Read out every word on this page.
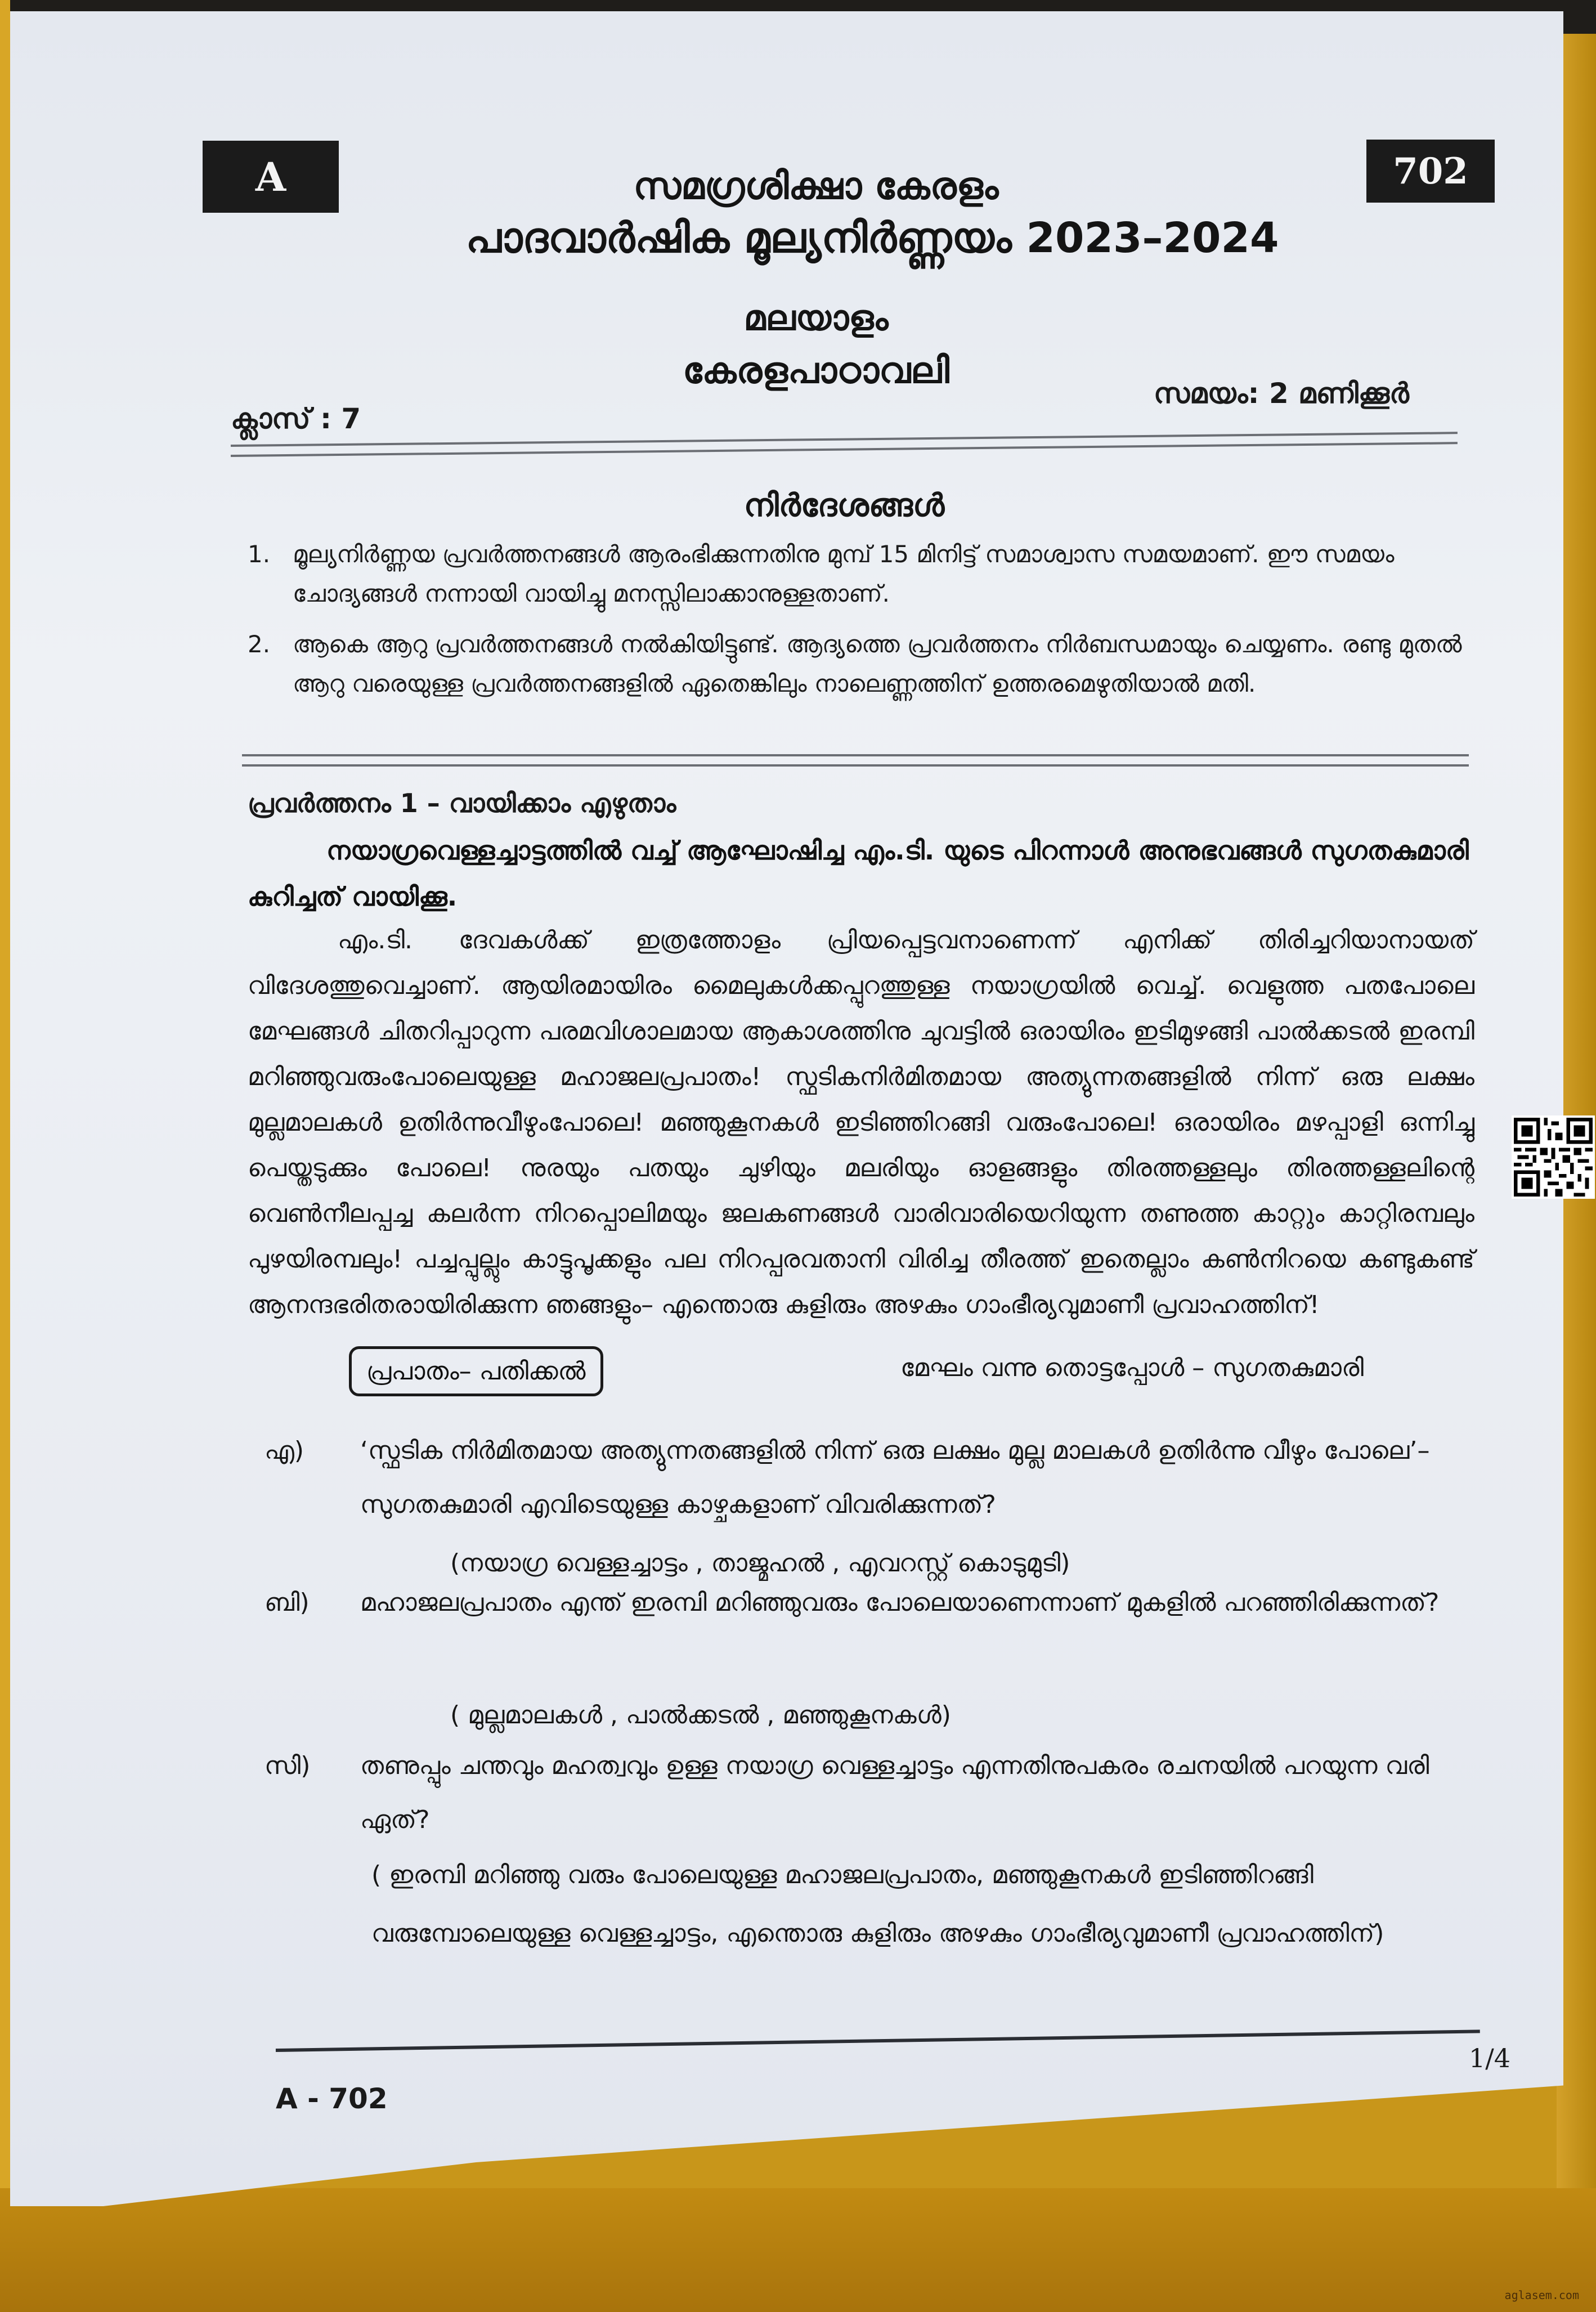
A	702
സമഗ്രശിക്ഷാ കേരളം
പാദവാർഷിക മൂല്യനിർണ്ണയം 2023–2024
മലയാളം
കേരളപാഠാവലി
ക്ലാസ് : 7
സമയം: 2 മണിക്കൂർ
നിർദേശങ്ങൾ
1. മൂല്യനിർണ്ണയ പ്രവർത്തനങ്ങൾ ആരംഭിക്കുന്നതിനു മുമ്പ് 15 മിനിട്ട് സമാശ്വാസ സമയമാണ്. ഈ സമയം ചോദ്യങ്ങൾ നന്നായി വായിച്ചു മനസ്സിലാക്കാനുള്ളതാണ്.
2. ആകെ ആറു പ്രവർത്തനങ്ങൾ നൽകിയിട്ടുണ്ട്. ആദ്യത്തെ പ്രവർത്തനം നിർബന്ധമായും ചെയ്യണം. രണ്ടു മുതൽ ആറു വരെയുള്ള പ്രവർത്തനങ്ങളിൽ ഏതെങ്കിലും നാലെണ്ണത്തിന് ഉത്തരമെഴുതിയാൽ മതി.
പ്രവർത്തനം 1 – വായിക്കാം എഴുതാം
നയാഗ്രവെള്ളച്ചാട്ടത്തിൽ വച്ച് ആഘോഷിച്ച എം.ടി. യുടെ പിറന്നാൾ അനുഭവങ്ങൾ സുഗതകുമാരി കുറിച്ചത് വായിക്കൂ.
എം.ടി. ദേവകൾക്ക് ഇത്രത്തോളം പ്രിയപ്പെട്ടവനാണെന്ന് എനിക്ക് തിരിച്ചറിയാനായത് വിദേശത്തുവെച്ചാണ്. ആയിരമായിരം മൈലുകൾക്കപ്പുറത്തുള്ള നയാഗ്രയിൽ വെച്ച്. വെളുത്ത പതപോലെ മേഘങ്ങൾ ചിതറിപ്പാറുന്ന പരമവിശാലമായ ആകാശത്തിനു ചുവട്ടിൽ ഒരായിരം ഇടിമുഴങ്ങി പാൽക്കടൽ ഇരമ്പി മറിഞ്ഞുവരുംപോലെയുള്ള മഹാജലപ്രപാതം! സ്ഫടികനിർമിതമായ അത്യുന്നതങ്ങളിൽ നിന്ന് ഒരു ലക്ഷം മുല്ലമാലകൾ ഉതിർന്നുവീഴുംപോലെ! മഞ്ഞുകൂനകൾ ഇടിഞ്ഞിറങ്ങി വരുംപോലെ! ഒരായിരം മഴപ്പാളി ഒന്നിച്ചു പെയ്തടുക്കും പോലെ! നുരയും പതയും ചുഴിയും മലരിയും ഓളങ്ങളും തിരത്തള്ളലും തിരത്തള്ളലിന്റെ വെൺനീലപ്പച്ച കലർന്ന നിറപ്പൊലിമയും ജലകണങ്ങൾ വാരിവാരിയെറിയുന്ന തണുത്ത കാറ്റും കാറ്റിരമ്പലും പുഴയിരമ്പലും! പച്ചപ്പുല്ലും കാട്ടുപൂക്കളും പല നിറപ്പരവതാനി വിരിച്ച തീരത്ത് ഇതെല്ലാം കൺനിറയെ കണ്ടുകണ്ട് ആനന്ദഭരിതരായിരിക്കുന്ന ഞങ്ങളും– എന്തൊരു കുളിരും അഴകും ഗാംഭീര്യവുമാണീ പ്രവാഹത്തിന്!
പ്രപാതം– പതിക്കൽ	മേഘം വന്നു തൊട്ടപ്പോൾ – സുഗതകുമാരി
എ) ‘സ്ഫടിക നിർമിതമായ അത്യുന്നതങ്ങളിൽ നിന്ന് ഒരു ലക്ഷം മുല്ല മാലകൾ ഉതിർന്നു വീഴും പോലെ’– സുഗതകുമാരി എവിടെയുള്ള കാഴ്ചകളാണ് വിവരിക്കുന്നത്?
(നയാഗ്ര വെള്ളച്ചാട്ടം , താജ്മഹൽ , എവറസ്റ്റ് കൊടുമുടി)
ബി) മഹാജലപ്രപാതം എന്ത് ഇരമ്പി മറിഞ്ഞുവരും പോലെയാണെന്നാണ് മുകളിൽ പറഞ്ഞിരിക്കുന്നത്?
( മുല്ലമാലകൾ , പാൽക്കടൽ , മഞ്ഞുകൂനകൾ)
സി) തണുപ്പും ചന്തവും മഹത്വവും ഉള്ള നയാഗ്ര വെള്ളച്ചാട്ടം എന്നതിനുപകരം രചനയിൽ പറയുന്ന വരി ഏത്?
( ഇരമ്പി മറിഞ്ഞു വരും പോലെയുള്ള മഹാജലപ്രപാതം, മഞ്ഞുകൂനകൾ ഇടിഞ്ഞിറങ്ങി വരുമ്പോലെയുള്ള വെള്ളച്ചാട്ടം, എന്തൊരു കുളിരും അഴകും ഗാംഭീര്യവുമാണീ പ്രവാഹത്തിന്)
1/4
A - 702
aglasem.com
